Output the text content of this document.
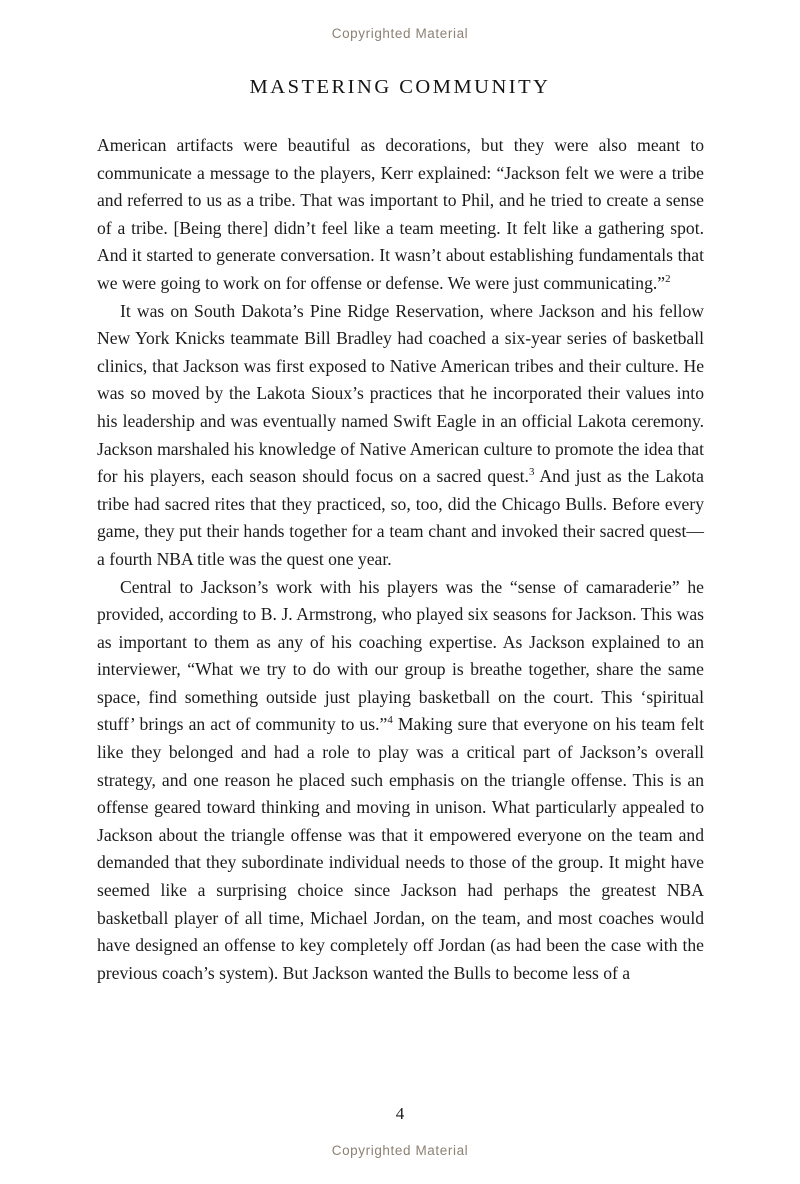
Copyrighted Material
MASTERING COMMUNITY

American artifacts were beautiful as decorations, but they were also meant to communicate a message to the players, Kerr explained: “Jackson felt we were a tribe and referred to us as a tribe. That was important to Phil, and he tried to create a sense of a tribe. [Being there] didn’t feel like a team meeting. It felt like a gathering spot. And it started to generate conversation. It wasn’t about establishing fundamentals that we were going to work on for offense or defense. We were just communicating.”$^2$

It was on South Dakota’s Pine Ridge Reservation, where Jackson and his fellow New York Knicks teammate Bill Bradley had coached a six-year series of basketball clinics, that Jackson was first exposed to Native American tribes and their culture. He was so moved by the Lakota Sioux’s practices that he incorporated their values into his leadership and was eventually named Swift Eagle in an official Lakota ceremony. Jackson marshaled his knowledge of Native American culture to promote the idea that for his players, each season should focus on a sacred quest.$^3$ And just as the Lakota tribe had sacred rites that they practiced, so, too, did the Chicago Bulls. Before every game, they put their hands together for a team chant and invoked their sacred quest—a fourth NBA title was the quest one year.

Central to Jackson’s work with his players was the “sense of camaraderie” he provided, according to B. J. Armstrong, who played six seasons for Jackson. This was as important to them as any of his coaching expertise. As Jackson explained to an interviewer, “What we try to do with our group is breathe together, share the same space, find something outside just playing basketball on the court. This ‘spiritual stuff’ brings an act of community to us.”$^4$ Making sure that everyone on his team felt like they belonged and had a role to play was a critical part of Jackson’s overall strategy, and one reason he placed such emphasis on the triangle offense. This is an offense geared toward thinking and moving in unison. What particularly appealed to Jackson about the triangle offense was that it empowered everyone on the team and demanded that they subordinate individual needs to those of the group. It might have seemed like a surprising choice since Jackson had perhaps the greatest NBA basketball player of all time, Michael Jordan, on the team, and most coaches would have designed an offense to key completely off Jordan (as had been the case with the previous coach’s system). But Jackson wanted the Bulls to become less of a

4
Copyrighted Material
